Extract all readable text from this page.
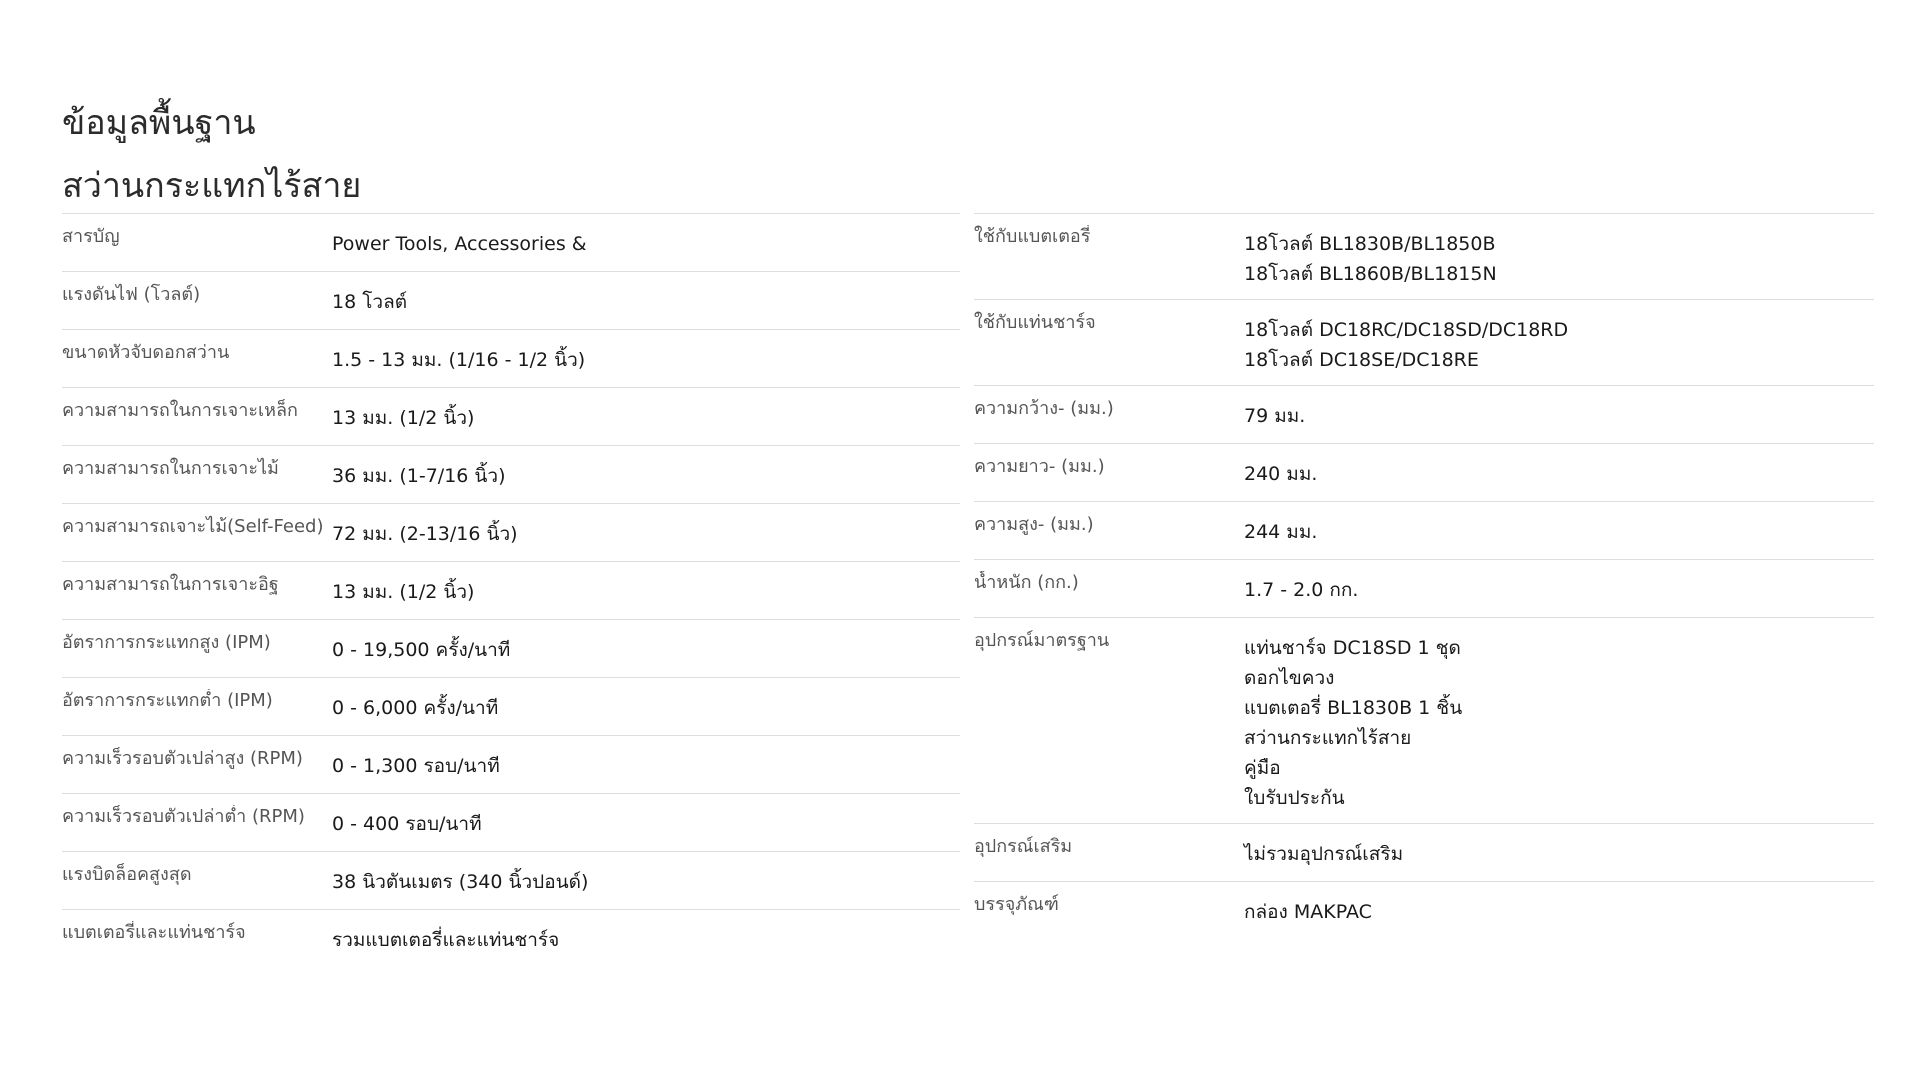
ข้อมูลพื้นฐาน
สว่านกระแทกไร้สาย
สารบัญ	Power Tools, Accessories &
แรงดันไฟ (โวลต์)	18 โวลต์
ขนาดหัวจับดอกสว่าน	1.5 - 13 มม. (1/16 - 1/2 นิ้ว)
ความสามารถในการเจาะเหล็ก	13 มม. (1/2 นิ้ว)
ความสามารถในการเจาะไม้	36 มม. (1-7/16 นิ้ว)
ความสามารถเจาะไม้(Self-Feed) 72 มม. (2-13/16 นิ้ว)
ความสามารถในการเจาะอิฐ	13 มม. (1/2 นิ้ว)
อัตราการกระแทกสูง (IPM)	0 - 19,500 ครั้ง/นาที
อัตราการกระแทกต่ำ (IPM)	0 - 6,000 ครั้ง/นาที
ความเร็วรอบตัวเปล่าสูง (RPM)	0 - 1,300 รอบ/นาที
ความเร็วรอบตัวเปล่าต่ำ (RPM)	0 - 400 รอบ/นาที
แรงบิดล็อคสูงสุด	38 นิวตันเมตร (340 นิ้วปอนด์)
แบตเตอรี่และแท่นชาร์จ	รวมแบตเตอรี่และแท่นชาร์จ
ใช้กับแบตเตอรี่	18โวลต์ BL1830B/BL1850B
18โวลต์ BL1860B/BL1815N
ใช้กับแท่นชาร์จ	18โวลต์ DC18RC/DC18SD/DC18RD
18โวลต์ DC18SE/DC18RE
ความกว้าง- (มม.)	79 มม.
ความยาว- (มม.)	240 มม.
ความสูง- (มม.)	244 มม.
น้ำหนัก (กก.)	1.7 - 2.0 กก.
อุปกรณ์มาตรฐาน	แท่นชาร์จ DC18SD 1 ชุด
ดอกไขควง
แบตเตอรี่ BL1830B 1 ชิ้น
สว่านกระแทกไร้สาย
คู่มือ
ใบรับประกัน
อุปกรณ์เสริม	ไม่รวมอุปกรณ์เสริม
บรรจุภัณฑ์	กล่อง MAKPAC
